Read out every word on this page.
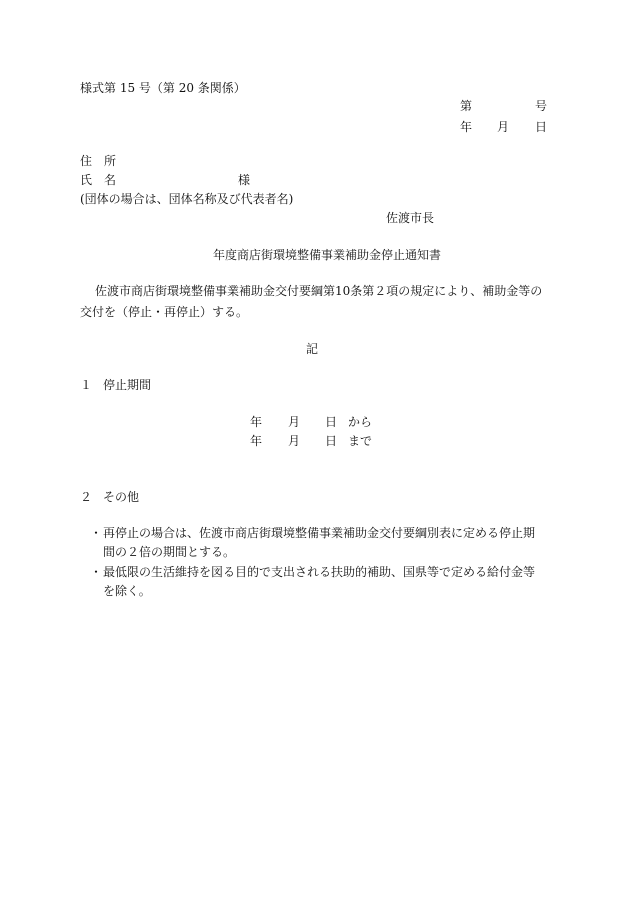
様式第 15 号（第 20 条関係）
第	号
年 月 日
住　所
氏　名	様
(団体の場合は、団体名称及び代表者名)
佐渡市長
年度商店街環境整備事業補助金停止通知書
佐渡市商店街環境整備事業補助金交付要綱第10条第２項の規定により、補助金等の
交付を（停止・再停止）する。
記
１ 停止期間
年 月 日 から
年 月 日 まで
２ その他
・ 再停止の場合は、佐渡市商店街環境整備事業補助金交付要綱別表に定める停止期
間の２倍の期間とする。
・ 最低限の生活維持を図る目的で支出される扶助的補助、国県等で定める給付金等
を除く。
